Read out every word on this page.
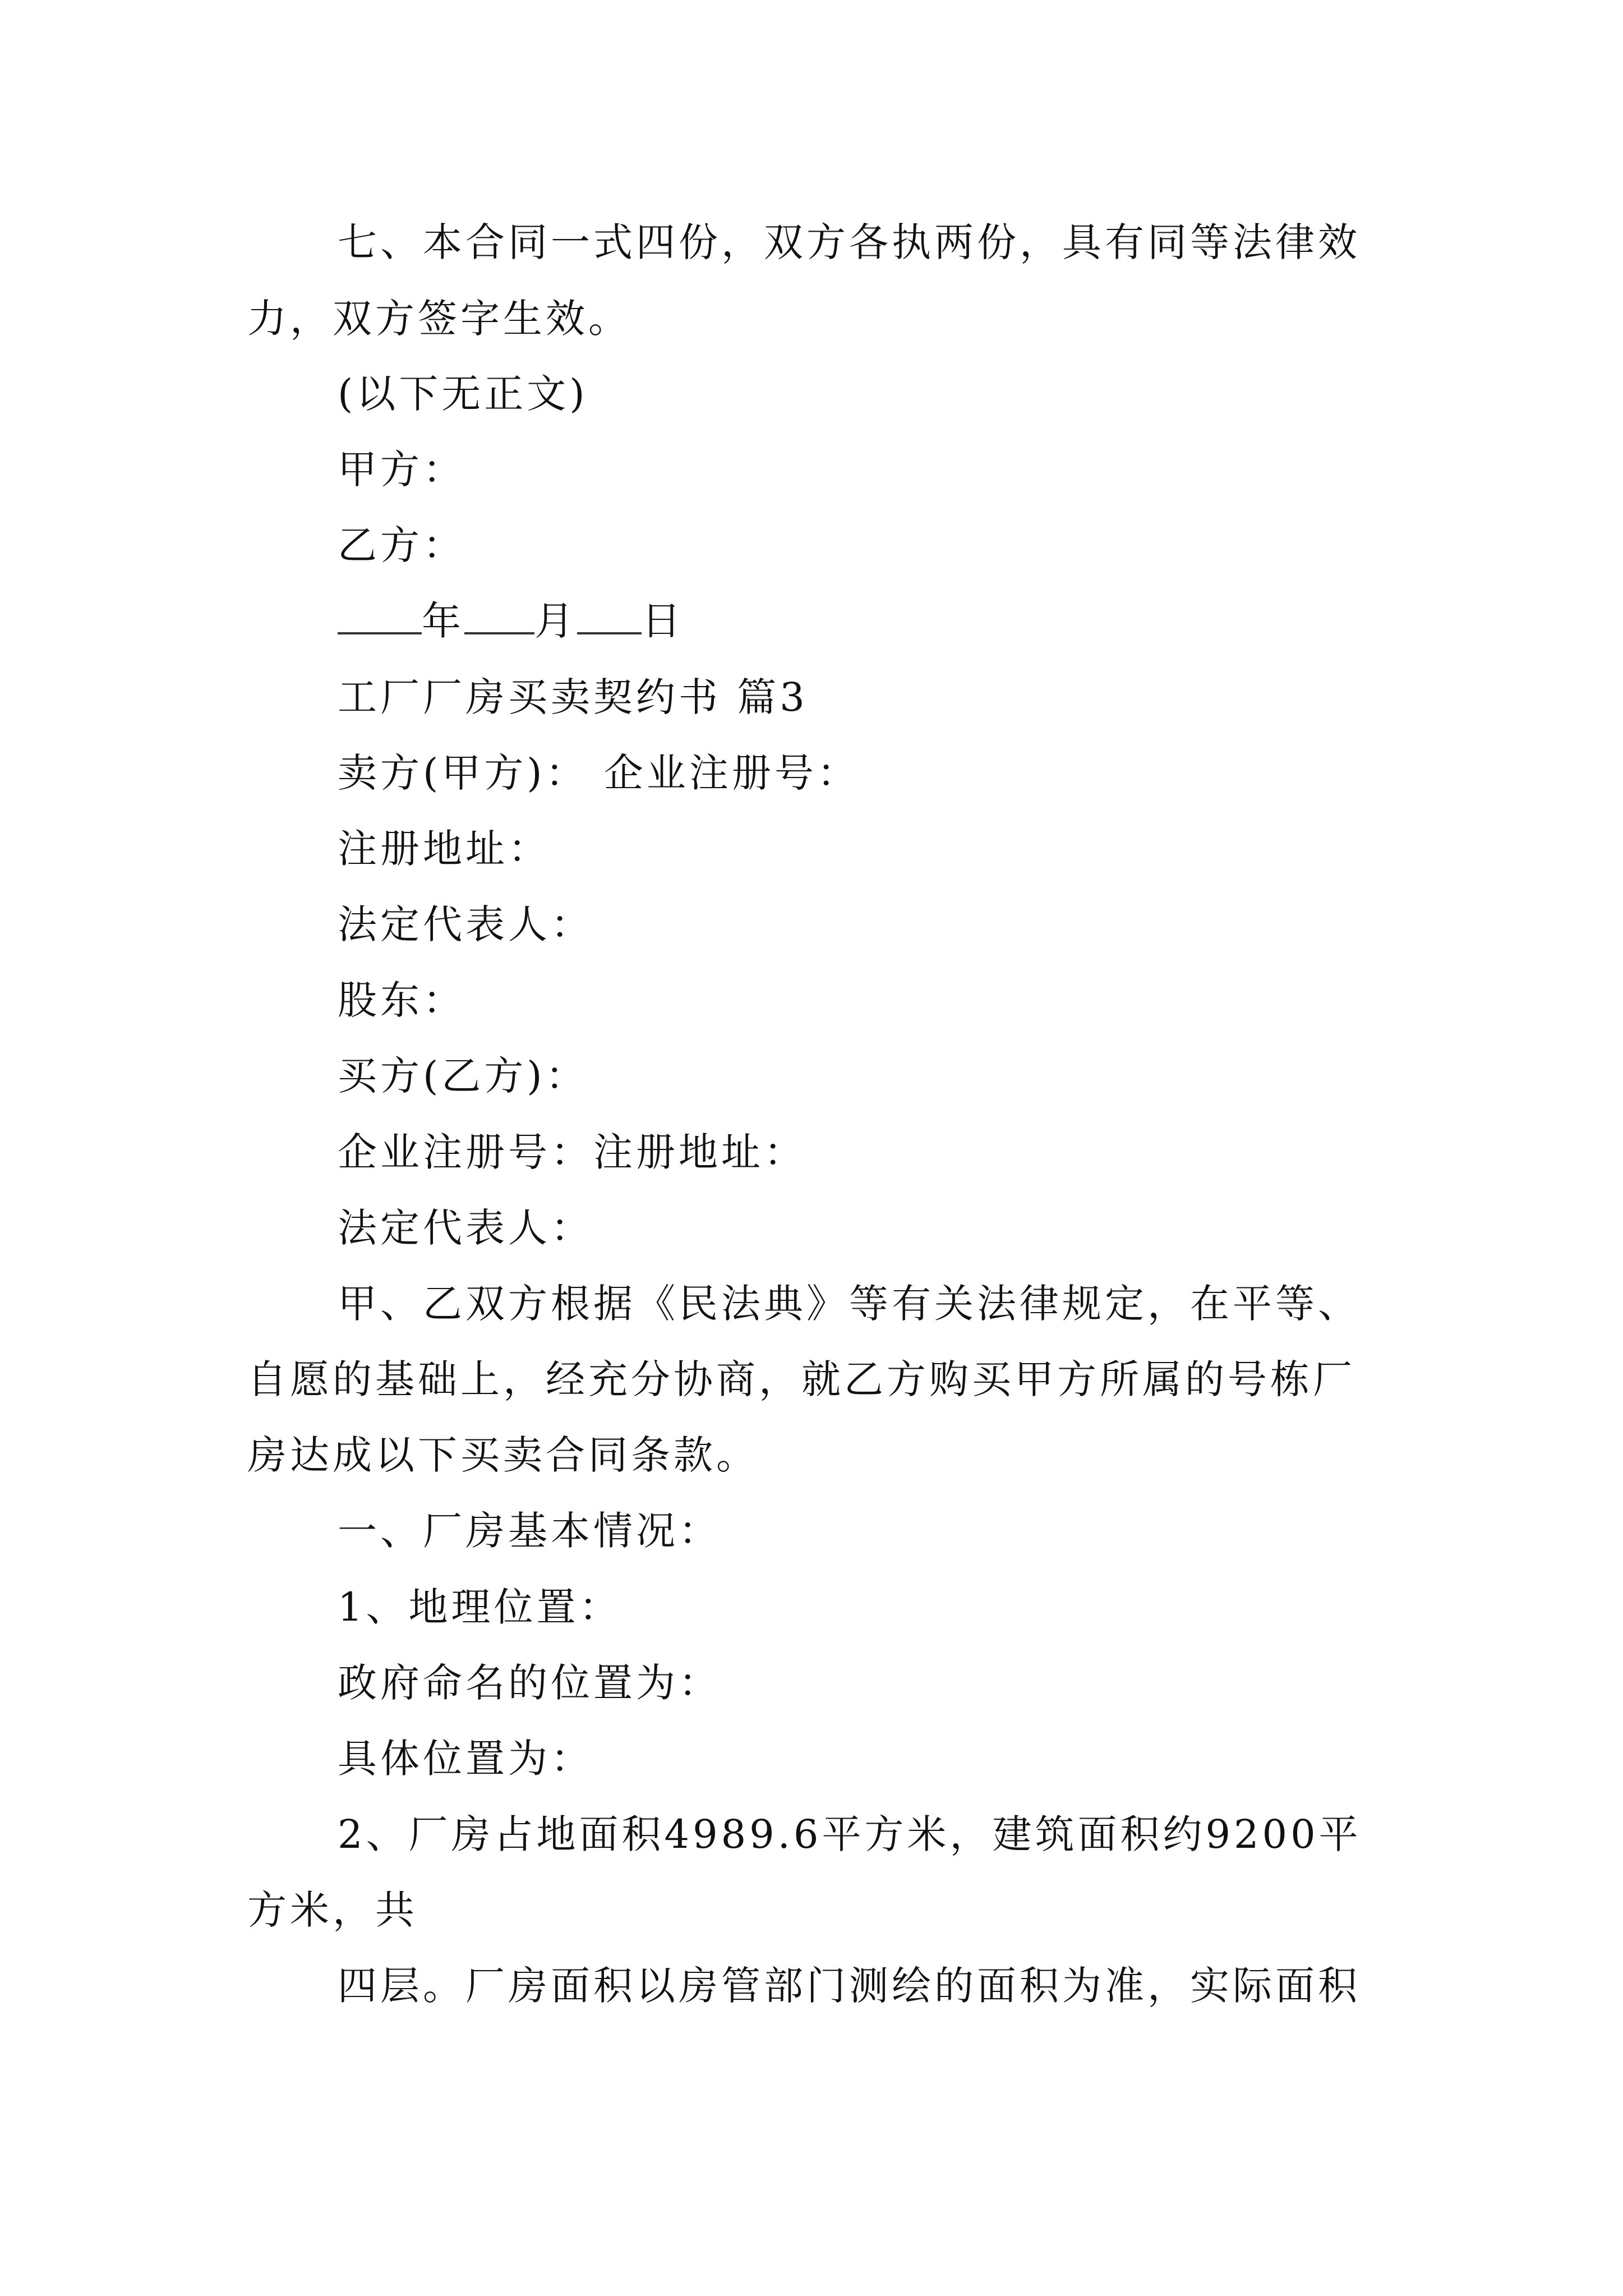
七、本合同一式四份，双方各执两份，具有同等法律效
力，双方签字生效。
(以下无正文)
甲方：
乙方：
年 月 日
工厂厂房买卖契约书 篇3
卖方(甲方)： 企业注册号：
注册地址：
法定代表人：
股东：
买方(乙方)：
企业注册号：注册地址：
法定代表人：
甲、乙双方根据《民法典》等有关法律规定，在平等、
自愿的基础上，经充分协商，就乙方购买甲方所属的号栋厂
房达成以下买卖合同条款。
一、厂房基本情况：
1、地理位置：
政府命名的位置为：
具体位置为：
2、厂房占地面积4989.6平方米，建筑面积约9200平
方米，共
四层。厂房面积以房管部门测绘的面积为准，实际面积
